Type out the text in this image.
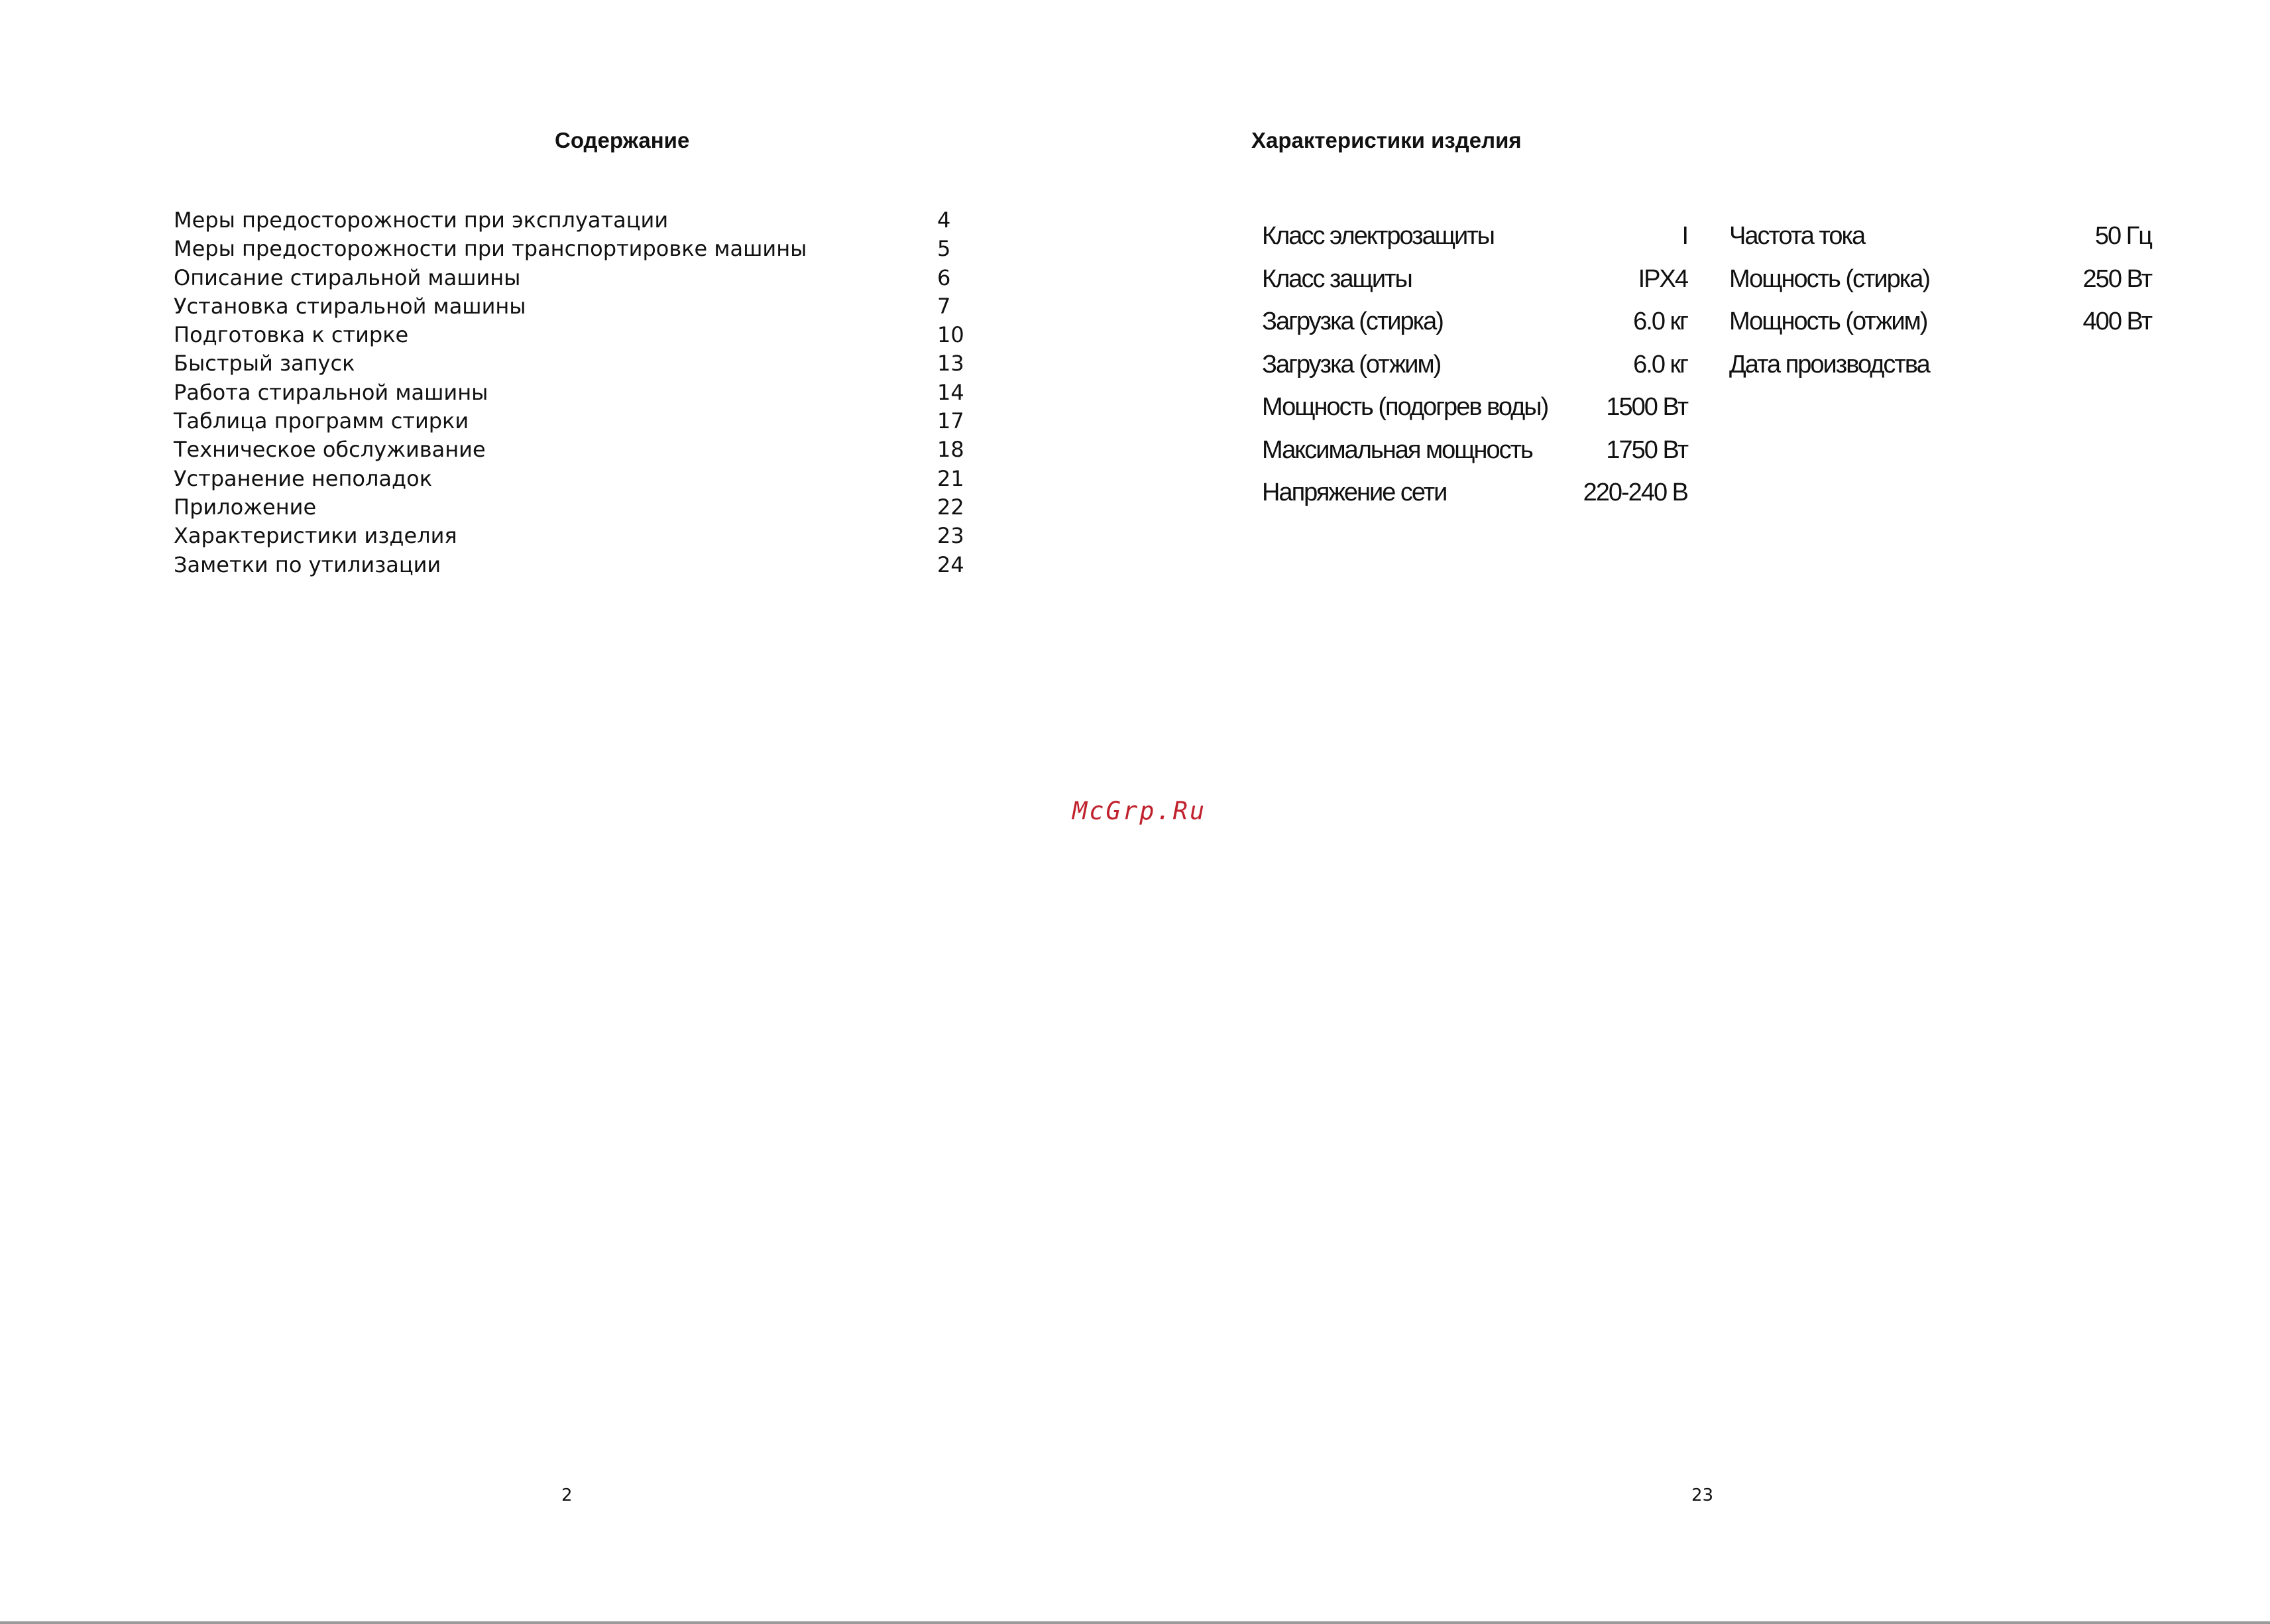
Содержание
Меры предосторожности при эксплуатации	4
Меры предосторожности при транспортировке машины	5
Описание стиральной машины	6
Установка стиральной машины	7
Подготовка к стирке	10
Быстрый запуск	13
Работа стиральной машины	14
Таблица программ стирки	17
Техническое обслуживание	18
Устранение неполадок	21
Приложение	22
Характеристики изделия	23
Заметки по утилизации	24
2
Характеристики изделия
Класс электрозащиты	I
Класс защиты	IPX4
Загрузка (стирка)	6.0 кг
Загрузка (отжим)	6.0 кг
Мощность (подогрев воды) 1500 Вт
Максимальная мощность	1750 Вт
Напряжение сети	220-240 В
Частота тока	50 Гц
Мощность (стирка)	250 Вт
Мощность (отжим)	400 Вт
Дата производства
23
McGrp.Ru
